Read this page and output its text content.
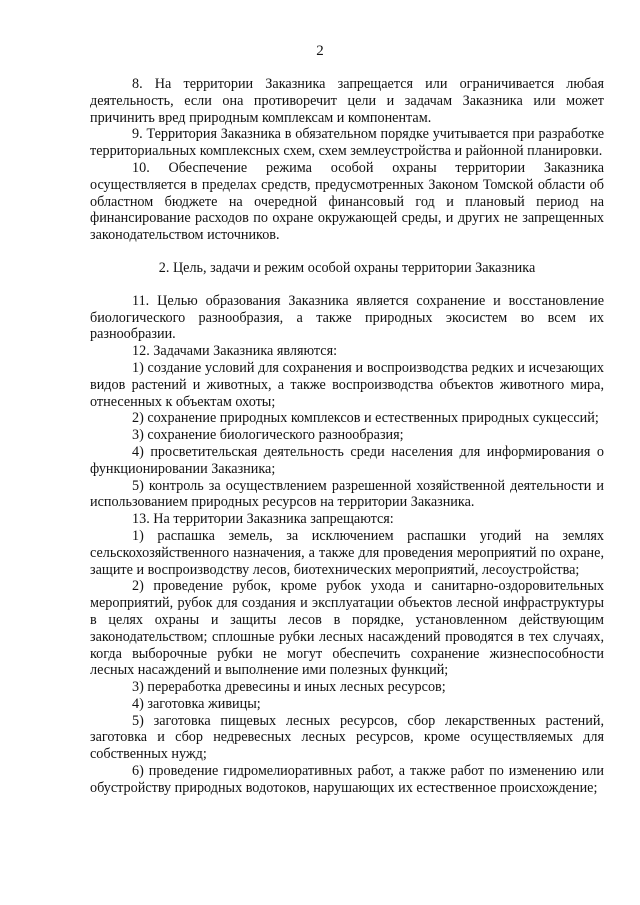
2

8. На территории Заказника запрещается или ограничивается любая деятельность, если она противоречит цели и задачам Заказника или может причинить вред природным комплексам и компонентам.

9. Территория Заказника в обязательном порядке учитывается при разработке территориальных комплексных схем, схем землеустройства и районной планировки.

10. Обеспечение режима особой охраны территории Заказника осуществляется в пределах средств, предусмотренных Законом Томской области об областном бюджете на очередной финансовый год и плановый период на финансирование расходов по охране окружающей среды, и других не запрещенных законодательством источников.

2. Цель, задачи и режим особой охраны территории Заказника

11. Целью образования Заказника является сохранение и восстановление биологического разнообразия, а также природных экосистем во всем их разнообразии.

12. Задачами Заказника являются:

1) создание условий для сохранения и воспроизводства редких и исчезающих видов растений и животных, а также воспроизводства объектов животного мира, отнесенных к объектам охоты;

2) сохранение природных комплексов и естественных природных сукцессий;

3) сохранение биологического разнообразия;

4) просветительская деятельность среди населения для информирования о функционировании Заказника;

5) контроль за осуществлением разрешенной хозяйственной деятельности и использованием природных ресурсов на территории Заказника.

13. На территории Заказника запрещаются:

1) распашка земель, за исключением распашки угодий на землях сельскохозяйственного назначения, а также для проведения мероприятий по охране, защите и воспроизводству лесов, биотехнических мероприятий, лесоустройства;

2) проведение рубок, кроме рубок ухода и санитарно-оздоровительных мероприятий, рубок для создания и эксплуатации объектов лесной инфраструктуры в целях охраны и защиты лесов в порядке, установленном действующим законодательством; сплошные рубки лесных насаждений проводятся в тех случаях, когда выборочные рубки не могут обеспечить сохранение жизнеспособности лесных насаждений и выполнение ими полезных функций;

3) переработка древесины и иных лесных ресурсов;

4) заготовка живицы;

5) заготовка пищевых лесных ресурсов, сбор лекарственных растений, заготовка и сбор недревесных лесных ресурсов, кроме осуществляемых для собственных нужд;

6) проведение гидромелиоративных работ, а также работ по изменению или обустройству природных водотоков, нарушающих их естественное происхождение;
